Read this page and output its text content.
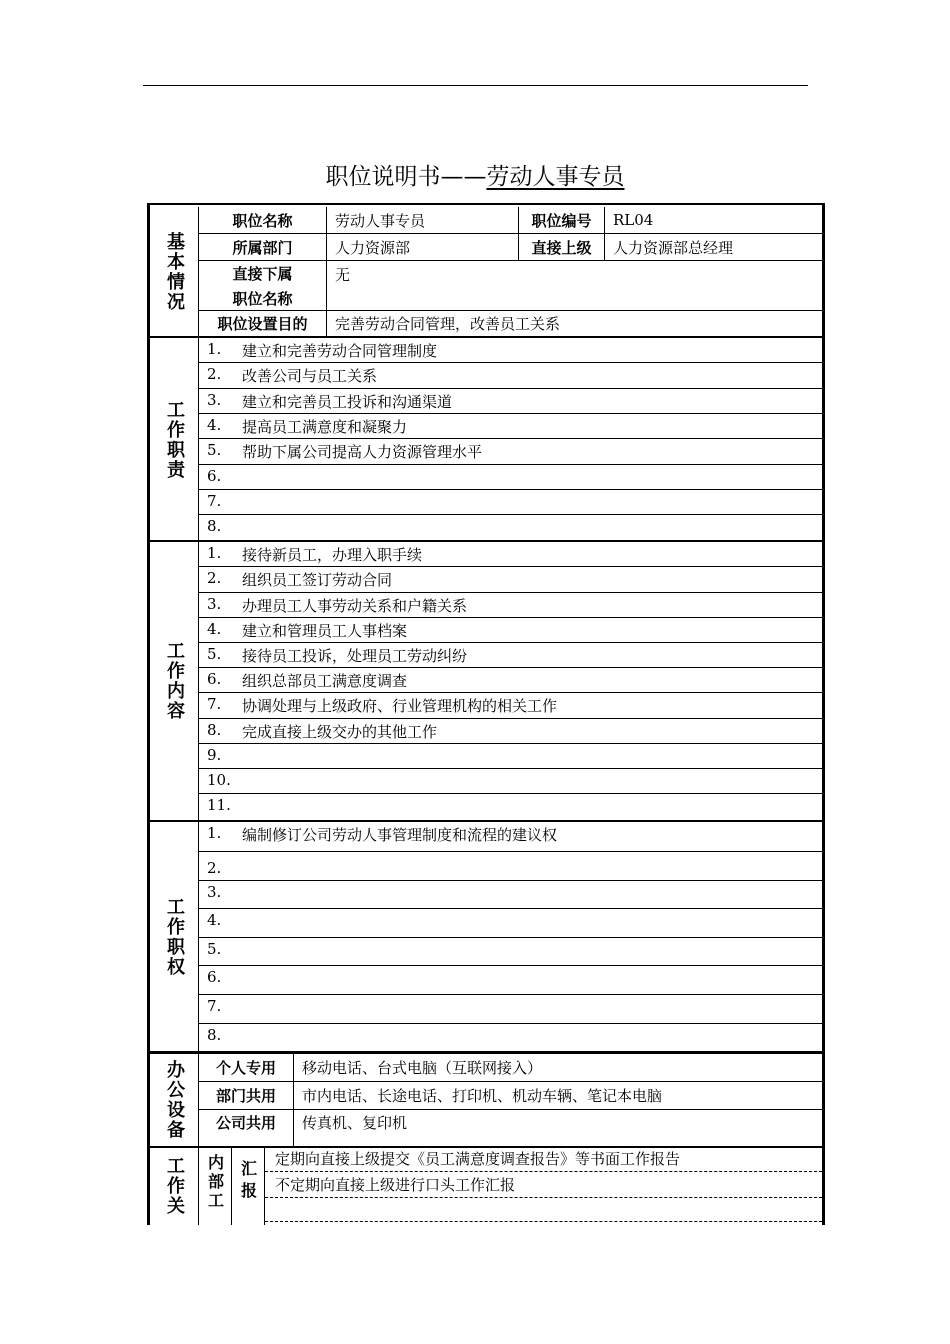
职位说明书——劳动人事专员
基本情况
职位名称	劳动人事专员	职位编号	RL04
所属部门	人力资源部	直接上级	人力资源部总经理
直接下属
职位名称
无
职位设置目的	完善劳动合同管理，改善员工关系
工作职责
1. 建立和完善劳动合同管理制度
2. 改善公司与员工关系
3. 建立和完善员工投诉和沟通渠道
4. 提高员工满意度和凝聚力
5. 帮助下属公司提高人力资源管理水平
6.
7.
8.
工作内容
1. 接待新员工，办理入职手续
2. 组织员工签订劳动合同
3. 办理员工人事劳动关系和户籍关系
4. 建立和管理员工人事档案
5. 接待员工投诉，处理员工劳动纠纷
6. 组织总部员工满意度调查
7. 协调处理与上级政府、行业管理机构的相关工作
8. 完成直接上级交办的其他工作
9.
10.
11.
工作职权
1. 编制修订公司劳动人事管理制度和流程的建议权
2.
3.
4.
5.
6.
7.
8.
办公设备	个人专用	移动电话、台式电脑（互联网接入）
部门共用	市内电话、长途电话、打印机、机动车辆、笔记本电脑
公司共用	传真机、复印机
工作关 内部工 汇报
定期向直接上级提交《员工满意度调查报告》等书面工作报告
不定期向直接上级进行口头工作汇报
